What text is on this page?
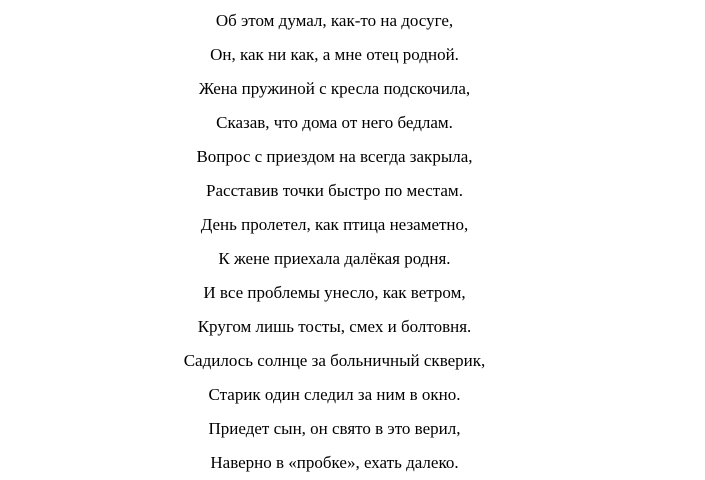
Об этом думал, как-то на досуге,
Он, как ни как, а мне отец родной.
Жена пружиной с кресла подскочила,
Сказав, что дома от него бедлам.
Вопрос с приездом на всегда закрыла,
Расставив точки быстро по местам.
День пролетел, как птица незаметно,
К жене приехала далёкая родня.
И все проблемы унесло, как ветром,
Кругом лишь тосты, смех и болтовня.
Садилось солнце за больничный скверик,
Старик один следил за ним в окно.
Приедет сын, он свято в это верил,
Наверно в «пробке», ехать далеко.
